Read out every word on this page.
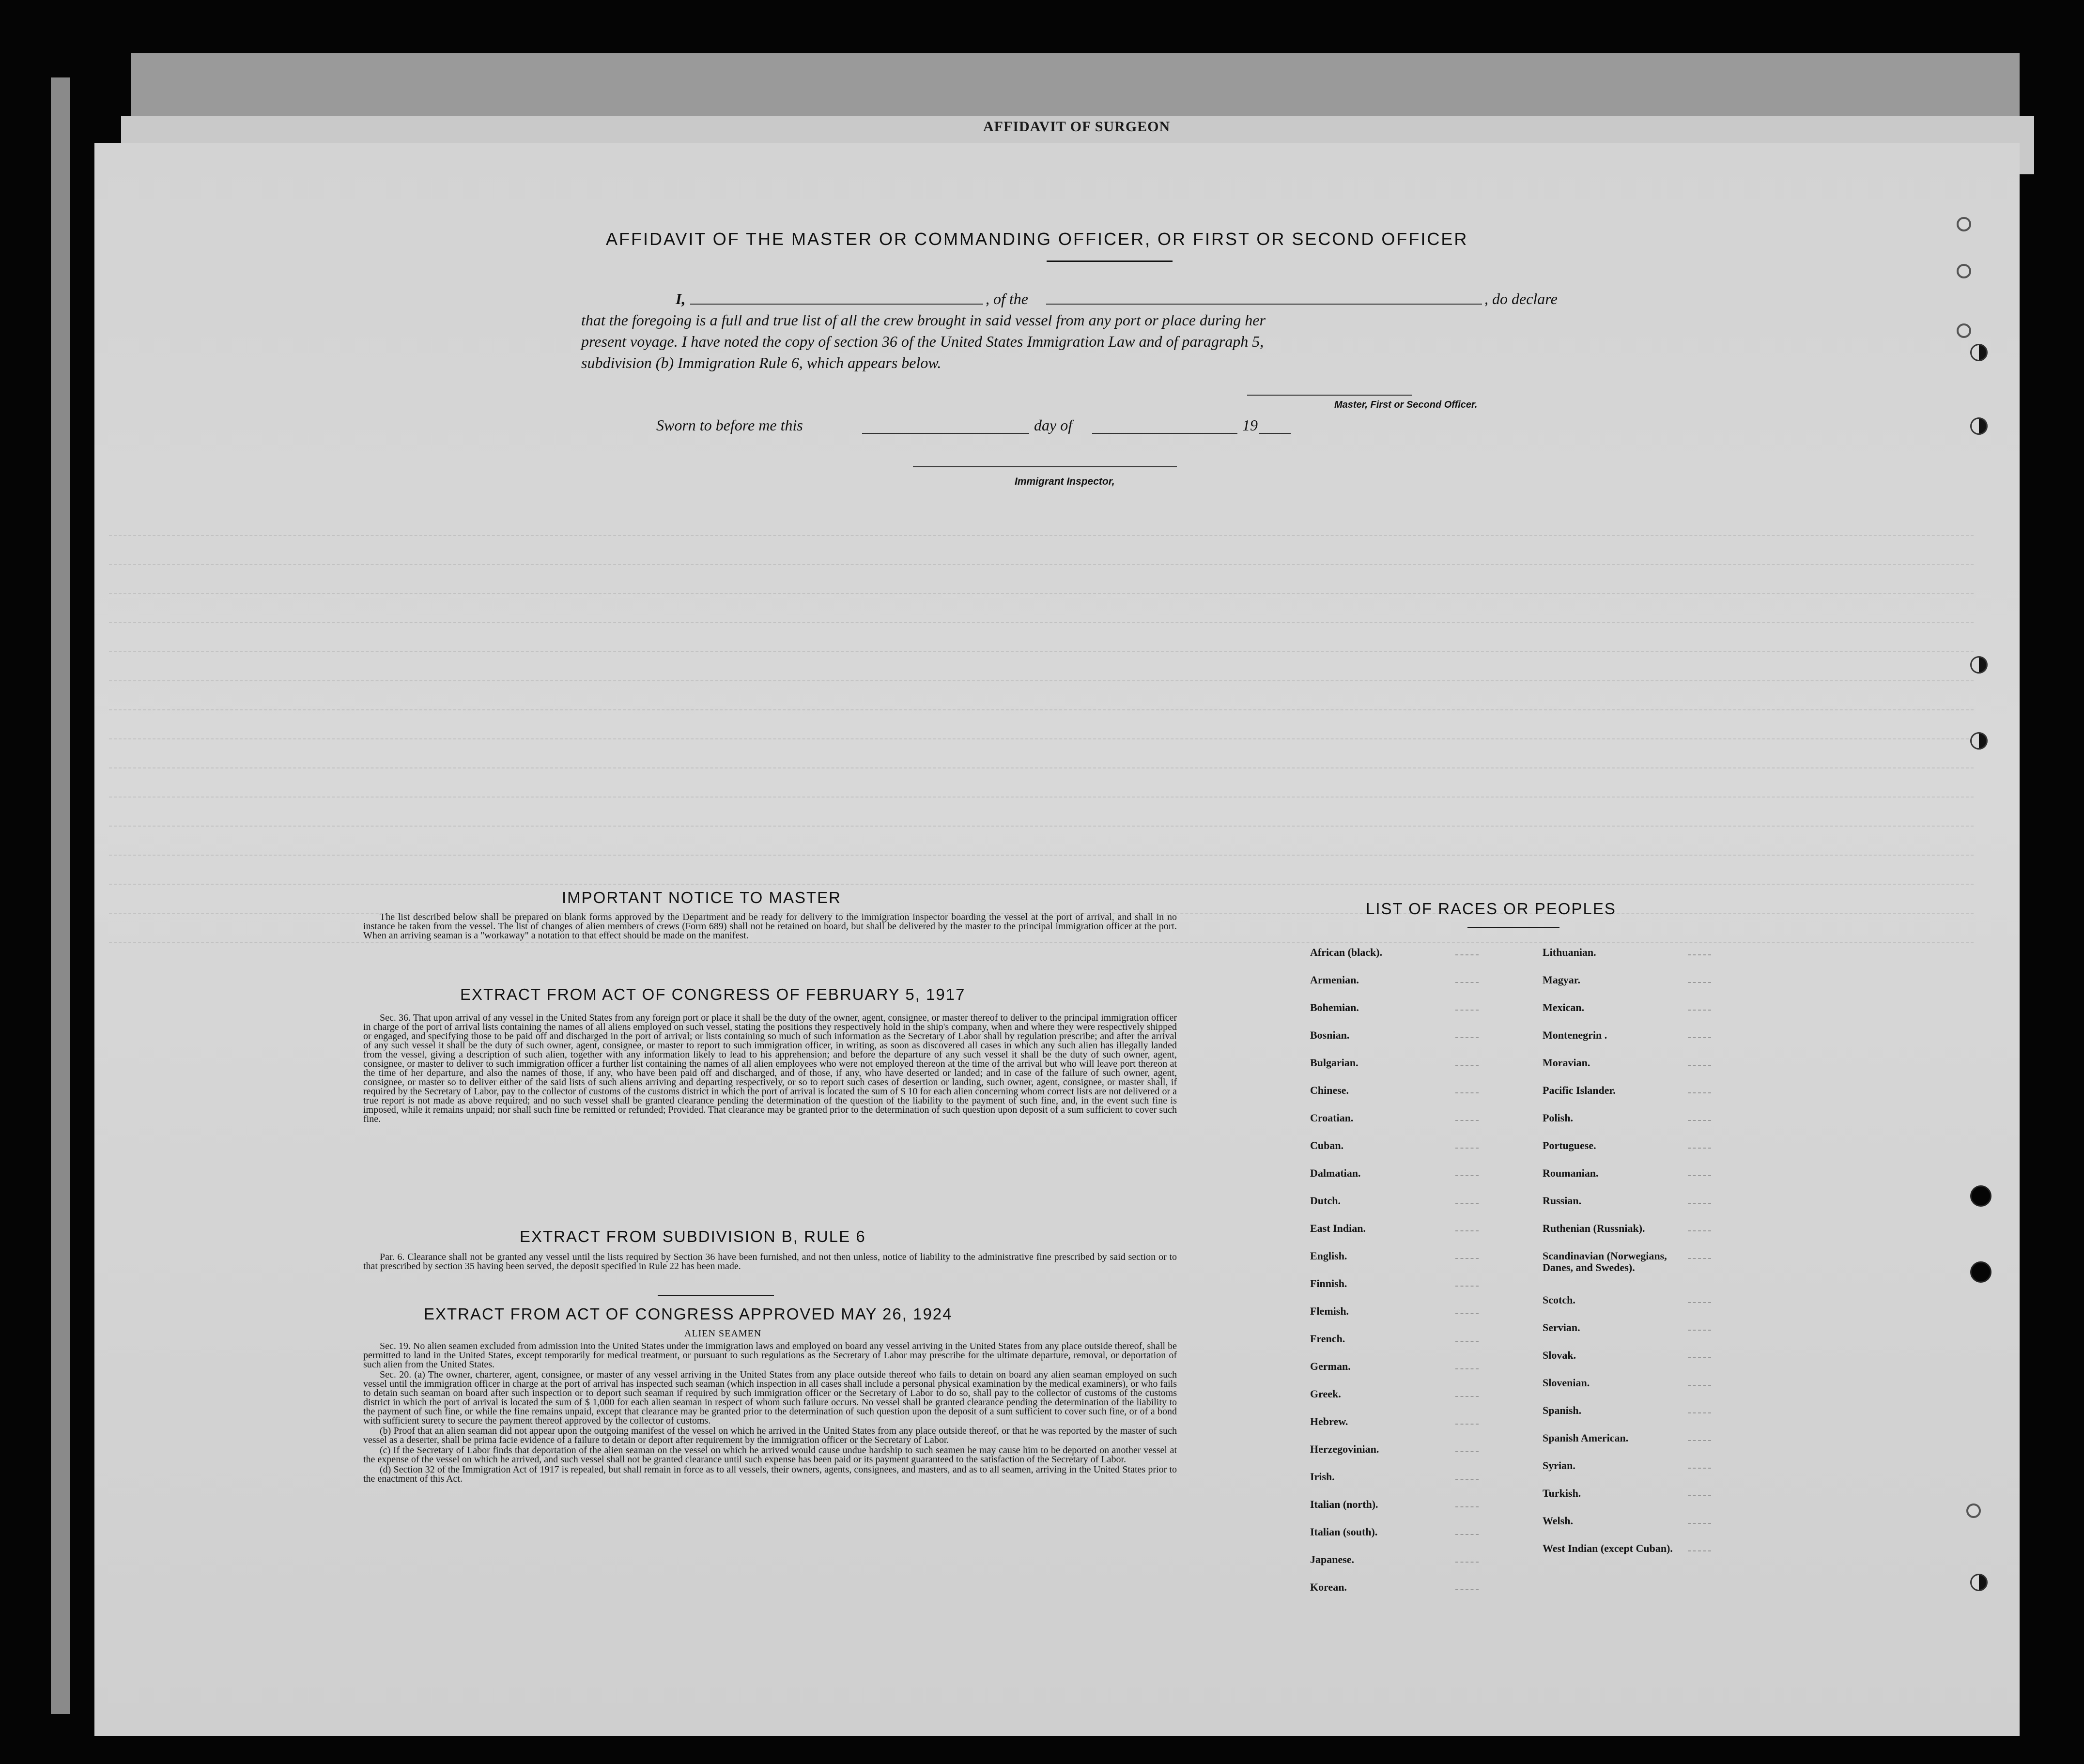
AFFIDAVIT OF SURGEON
AFFIDAVIT OF THE MASTER OR COMMANDING OFFICER, OR FIRST OR SECOND OFFICER
I,	, of the	, do declare
that the foregoing is a full and true list of all the crew brought in said vessel from any port or place during her
present voyage. I have noted the copy of section 36 of the United States Immigration Law and of paragraph 5,
subdivision (b) Immigration Rule 6, which appears below.
Master, First or Second Officer.
Sworn to before me this	day of	19
Immigrant Inspector,
IMPORTANT NOTICE TO MASTER

The list described below shall be prepared on blank forms approved by the Department and be ready for delivery to the immigration inspector boarding the vessel at the port of arrival, and shall in no instance be taken from the vessel. The list of changes of alien members of crews (Form 689) shall not be retained on board, but shall be delivered by the master to the principal immigration officer at the port. When an arriving seaman is a "workaway" a notation to that effect should be made on the manifest.

EXTRACT FROM ACT OF CONGRESS OF FEBRUARY 5, 1917

Sec. 36. That upon arrival of any vessel in the United States from any foreign port or place it shall be the duty of the owner, agent, consignee, or master thereof to deliver to the principal immigration officer in charge of the port of arrival lists containing the names of all aliens employed on such vessel, stating the positions they respectively hold in the ship's company, when and where they were respectively shipped or engaged, and specifying those to be paid off and discharged in the port of arrival; or lists containing so much of such information as the Secretary of Labor shall by regulation prescribe; and after the arrival of any such vessel it shall be the duty of such owner, agent, consignee, or master to report to such immigration officer, in writing, as soon as discovered all cases in which any such alien has illegally landed from the vessel, giving a description of such alien, together with any information likely to lead to his apprehension; and before the departure of any such vessel it shall be the duty of such owner, agent, consignee, or master to deliver to such immigration officer a further list containing the names of all alien employees who were not employed thereon at the time of the arrival but who will leave port thereon at the time of her departure, and also the names of those, if any, who have been paid off and discharged, and of those, if any, who have deserted or landed; and in case of the failure of such owner, agent, consignee, or master so to deliver either of the said lists of such aliens arriving and departing respectively, or so to report such cases of desertion or landing, such owner, agent, consignee, or master shall, if required by the Secretary of Labor, pay to the collector of customs of the customs district in which the port of arrival is located the sum of $ 10 for each alien concerning whom correct lists are not delivered or a true report is not made as above required; and no such vessel shall be granted clearance pending the determination of the question of the liability to the payment of such fine, and, in the event such fine is imposed, while it remains unpaid; nor shall such fine be remitted or refunded; Provided. That clearance may be granted prior to the determination of such question upon deposit of a sum sufficient to cover such fine.

EXTRACT FROM SUBDIVISION B, RULE 6

Par. 6. Clearance shall not be granted any vessel until the lists required by Section 36 have been furnished, and not then unless, notice of liability to the administrative fine prescribed by said section or to that prescribed by section 35 having been served, the deposit specified in Rule 22 has been made.

EXTRACT FROM ACT OF CONGRESS APPROVED MAY 26, 1924
ALIEN SEAMEN

Sec. 19. No alien seamen excluded from admission into the United States under the immigration laws and employed on board any vessel arriving in the United States from any place outside thereof, shall be permitted to land in the United States, except temporarily for medical treatment, or pursuant to such regulations as the Secretary of Labor may prescribe for the ultimate departure, removal, or deportation of such alien from the United States.

Sec. 20. (a) The owner, charterer, agent, consignee, or master of any vessel arriving in the United States from any place outside thereof who fails to detain on board any alien seaman employed on such vessel until the immigration officer in charge at the port of arrival has inspected such seaman (which inspection in all cases shall include a personal physical examination by the medical examiners), or who fails to detain such seaman on board after such inspection or to deport such seaman if required by such immigration officer or the Secretary of Labor to do so, shall pay to the collector of customs of the customs district in which the port of arrival is located the sum of $ 1,000 for each alien seaman in respect of whom such failure occurs. No vessel shall be granted clearance pending the determination of the liability to the payment of such fine, or while the fine remains unpaid, except that clearance may be granted prior to the determination of such question upon the deposit of a sum sufficient to cover such fine, or of a bond with sufficient surety to secure the payment thereof approved by the collector of customs.

(b) Proof that an alien seaman did not appear upon the outgoing manifest of the vessel on which he arrived in the United States from any place outside thereof, or that he was reported by the master of such vessel as a deserter, shall be prima facie evidence of a failure to detain or deport after requirement by the immigration officer or the Secretary of Labor.

(c) If the Secretary of Labor finds that deportation of the alien seaman on the vessel on which he arrived would cause undue hardship to such seamen he may cause him to be deported on another vessel at the expense of the vessel on which he arrived, and such vessel shall not be granted clearance until such expense has been paid or its payment guaranteed to the satisfaction of the Secretary of Labor.

(d) Section 32 of the Immigration Act of 1917 is repealed, but shall remain in force as to all vessels, their owners, agents, consignees, and masters, and as to all seamen, arriving in the United States prior to the enactment of this Act.

LIST OF RACES OR PEOPLES
African (black).
Armenian.
Bohemian.
Bosnian.
Bulgarian.
Chinese.
Croatian.
Cuban.
Dalmatian.
Dutch.
East Indian.
English.
Finnish.
Flemish.
French.
German.
Greek.
Hebrew.
Herzegovinian.
Irish.
Italian (north).
Italian (south).
Japanese.
Korean.
Lithuanian.
Magyar.
Mexican.
Montenegrin .
Moravian.
Pacific Islander.
Polish.
Portuguese.
Roumanian.
Russian.
Ruthenian (Russniak).
Scandinavian (Norwegians, Danes, and Swedes).
Scotch.
Servian.
Slovak.
Slovenian.
Spanish.
Spanish American.
Syrian.
Turkish.
Welsh.
West Indian (except Cuban).
